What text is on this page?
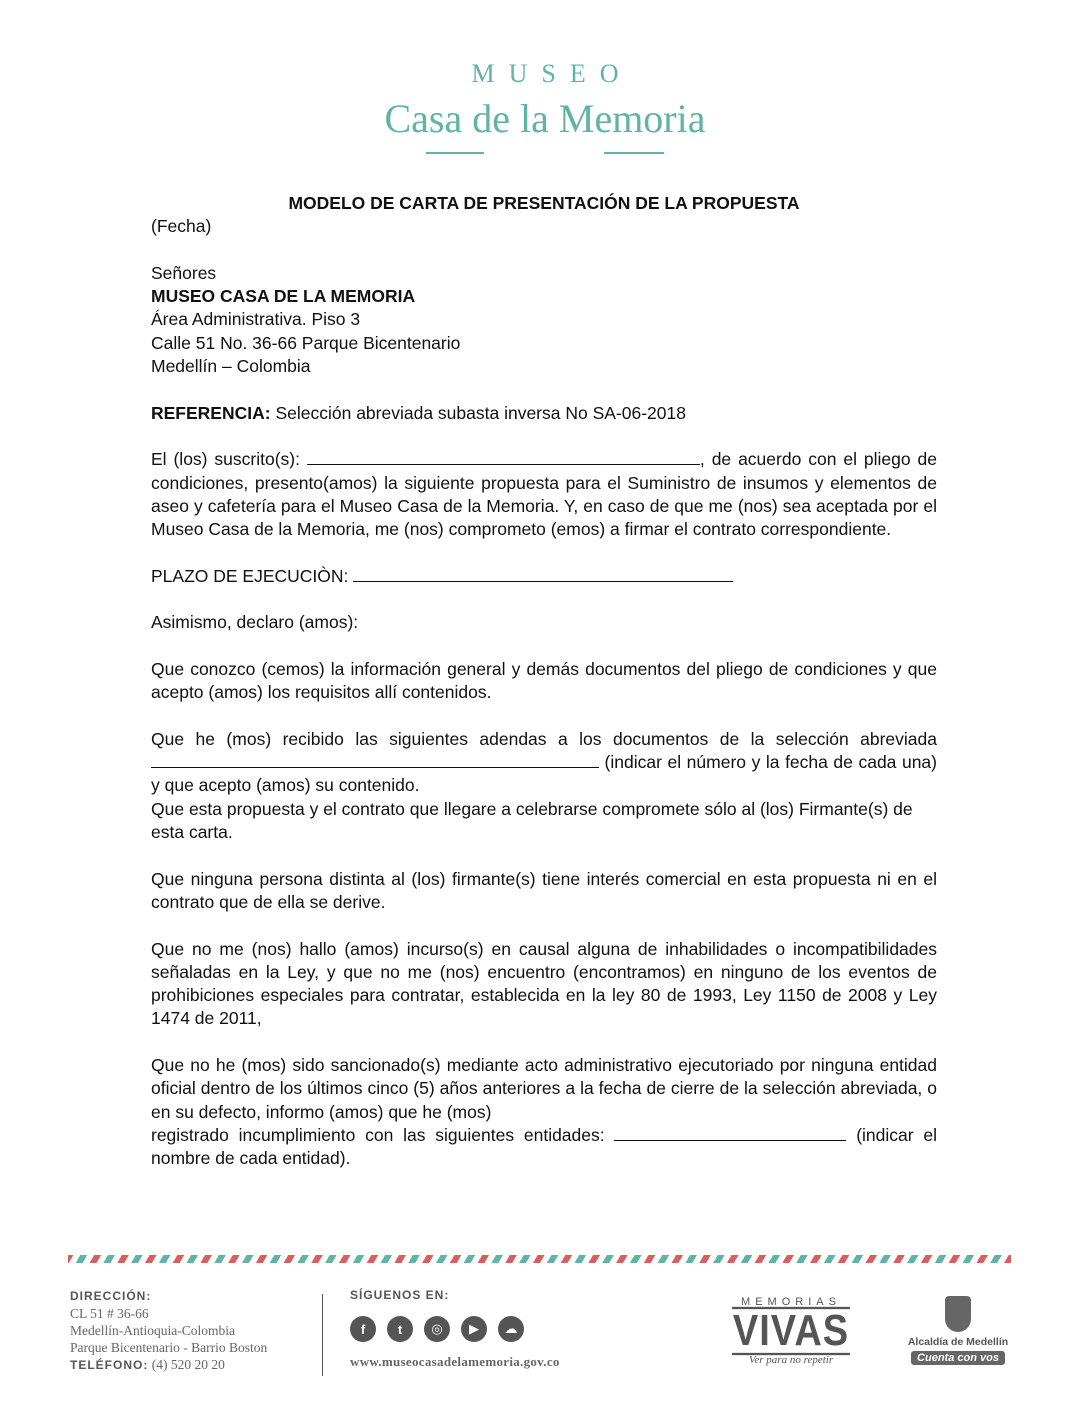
MUSEO
Casa de la Memoria

MODELO DE CARTA DE PRESENTACIÓN DE LA PROPUESTA

(Fecha)

Señores

MUSEO CASA DE LA MEMORIA

Área Administrativa. Piso 3

Calle 51 No. 36-66 Parque Bicentenario

Medellín – Colombia

REFERENCIA: Selección abreviada subasta inversa No SA-06-2018

El (los) suscrito(s):	, de acuerdo con el pliego de condiciones, presento(amos) la siguiente propuesta para el Suministro de insumos y elementos de aseo y cafetería para el Museo Casa de la Memoria. Y, en caso de que me (nos) sea aceptada por el Museo Casa de la Memoria, me (nos) comprometo (emos) a firmar el contrato correspondiente.

PLAZO DE EJECUCIÒN:

Asimismo, declaro (amos):

Que conozco (cemos) la información general y demás documentos del pliego de condiciones y que acepto (amos) los requisitos allí contenidos.

Que he (mos) recibido las siguientes adendas a los documentos de la selección abreviada  (indicar el número y la fecha de cada una) y que acepto (amos) su contenido.

Que esta propuesta y el contrato que llegare a celebrarse compromete sólo al (los) Firmante(s) de esta carta.

Que ninguna persona distinta al (los) firmante(s) tiene interés comercial en esta propuesta ni en el contrato que de ella se derive.

Que no me (nos) hallo (amos) incurso(s) en causal alguna de inhabilidades o incompatibilidades señaladas en la Ley, y que no me (nos) encuentro (encontramos) en ninguno de los eventos de prohibiciones especiales para contratar, establecida en la ley 80 de 1993, Ley 1150 de 2008 y Ley 1474 de 2011,

Que no he (mos) sido sancionado(s) mediante acto administrativo ejecutoriado por ninguna entidad oficial dentro de los últimos cinco (5) años anteriores a la fecha de cierre de la selección abreviada, o en su defecto, informo (amos) que he (mos)

registrado incumplimiento con las siguientes entidades:	(indicar el nombre de cada entidad).

DIRECCIÓN:
CL 51 # 36-66
Medellín-Antioquia-Colombia
Parque Bicentenario - Barrio Boston
TELÉFONO: (4) 520 20 20
SÍGUENOS EN:
f	t	◎	▶	☁
www.museocasadelamemoria.gov.co
MEMORIAS
VIVAS
Ver para no repetir
Alcaldía de Medellín
Cuenta con vos
